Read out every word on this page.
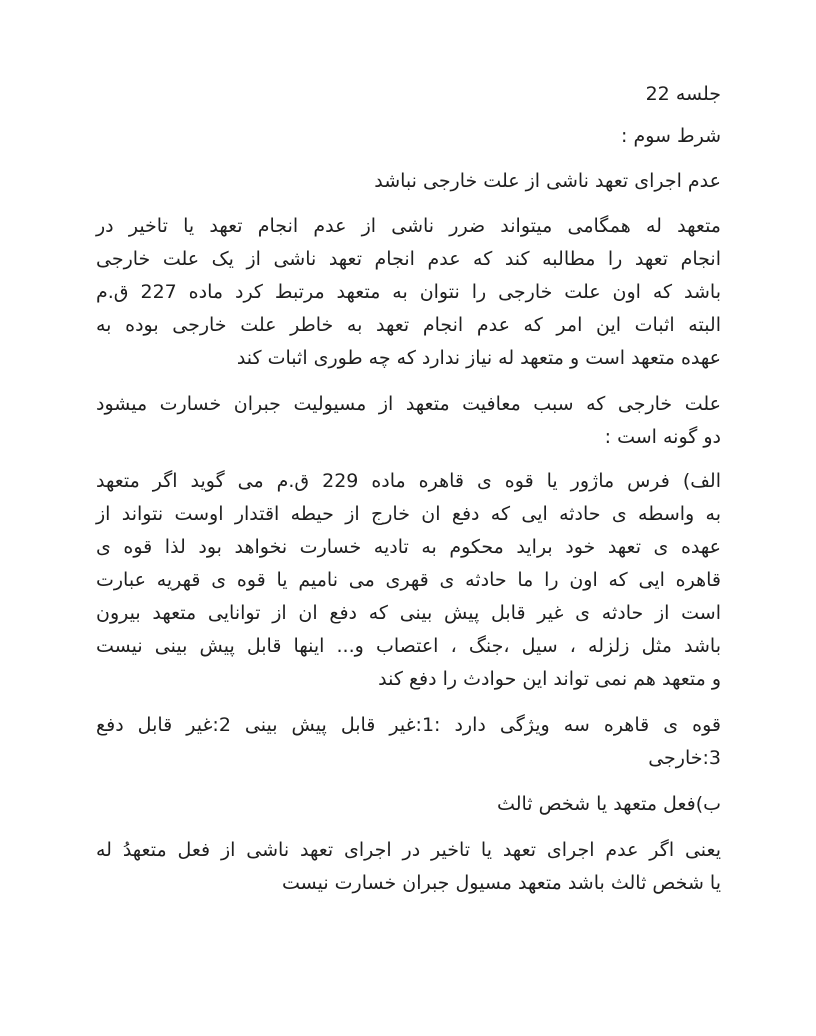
جلسه 22
شرط سوم :
عدم اجرای تعهد ناشی از علت خارجی نباشد
متعهد له همگامی میتواند ضرر ناشی از عدم انجام تعهد یا تاخیر در
انجام تعهد را مطالبه کند که عدم انجام تعهد ناشی از یک علت خارجی
باشد که اون علت خارجی را نتوان به متعهد مرتبط کرد ماده 227 ق.م
البته اثبات این امر که عدم انجام تعهد به خاطر علت خارجی بوده به
عهده متعهد است و متعهد له نیاز ندارد که چه طوری اثبات کند
علت خارجی که سبب معافیت متعهد از مسیولیت جبران خسارت میشود
دو گونه است :
الف) فرس ماژور یا قوه ی قاهره ماده 229 ق.م می گوید اگر متعهد
به واسطه ی حادثه ایی که دفع ان خارج از حیطه اقتدار اوست نتواند از
عهده ی تعهد خود براید محکوم به تادیه خسارت نخواهد بود لذا قوه ی
قاهره ایی که اون را ما حادثه ی قهری می نامیم یا قوه ی قهریه عبارت
است از حادثه ی غیر قابل پیش بینی که دفع ان از توانایی متعهد بیرون
باشد مثل زلزله ، سیل ،جنگ ، اعتصاب و... اینها قابل پیش بینی نیست
و متعهد هم نمی تواند این حوادث را دفع کند
قوه ی قاهره سه ویژگی دارد :1:غیر قابل پیش بینی 2:غیر قابل دفع
3:خارجی
ب)فعل متعهد یا شخص ثالث
یعنی اگر عدم اجرای تعهد یا تاخیر در اجرای تعهد ناشی از فعل متعهدُ له
یا شخص ثالث باشد متعهد مسیول جبران خسارت نیست
